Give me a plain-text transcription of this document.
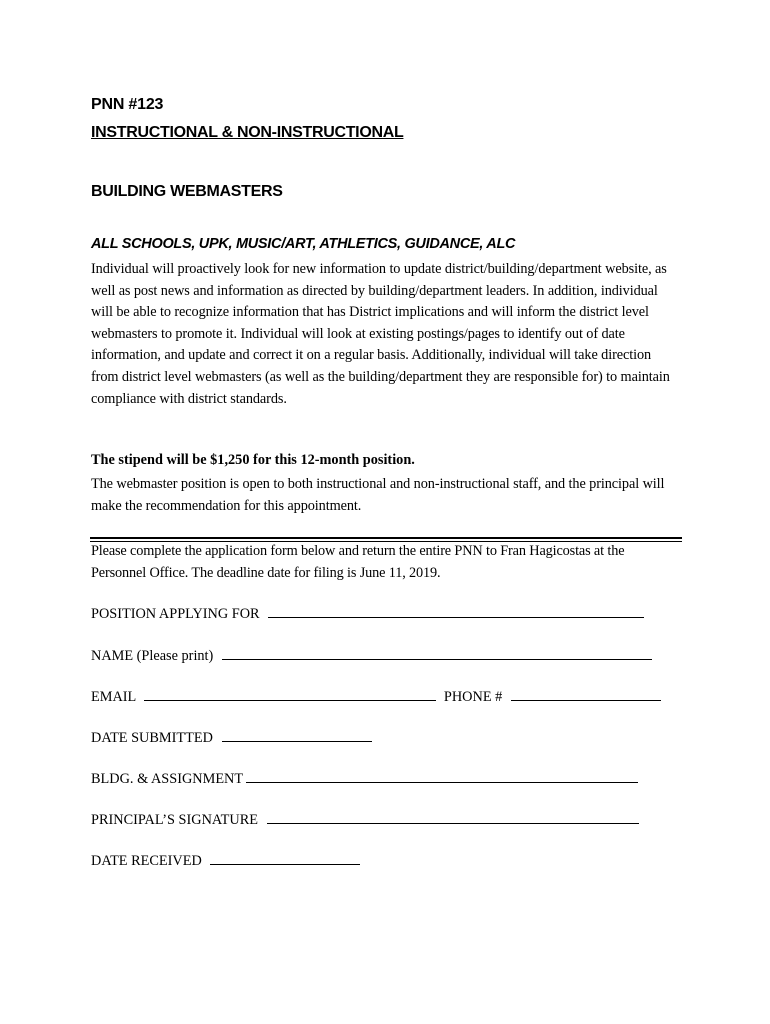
PNN #123
INSTRUCTIONAL & NON-INSTRUCTIONAL
BUILDING WEBMASTERS
ALL SCHOOLS, UPK, MUSIC/ART, ATHLETICS, GUIDANCE, ALC
Individual will proactively look for new information to update district/building/department website, as well as post news and information as directed by building/department leaders. In addition, individual will be able to recognize information that has District implications and will inform the district level webmasters to promote it. Individual will look at existing postings/pages to identify out of date information, and update and correct it on a regular basis. Additionally, individual will take direction from district level webmasters (as well as the building/department they are responsible for) to maintain compliance with district standards.
The stipend will be $1,250 for this 12-month position.
The webmaster position is open to both instructional and non-instructional staff, and the principal will make the recommendation for this appointment.
Please complete the application form below and return the entire PNN to Fran Hagicostas at the Personnel Office. The deadline date for filing is June 11, 2019.
POSITION APPLYING FOR
NAME (Please print)
EMAIL	PHONE #
DATE SUBMITTED
BLDG. & ASSIGNMENT
PRINCIPAL’S SIGNATURE
DATE RECEIVED
